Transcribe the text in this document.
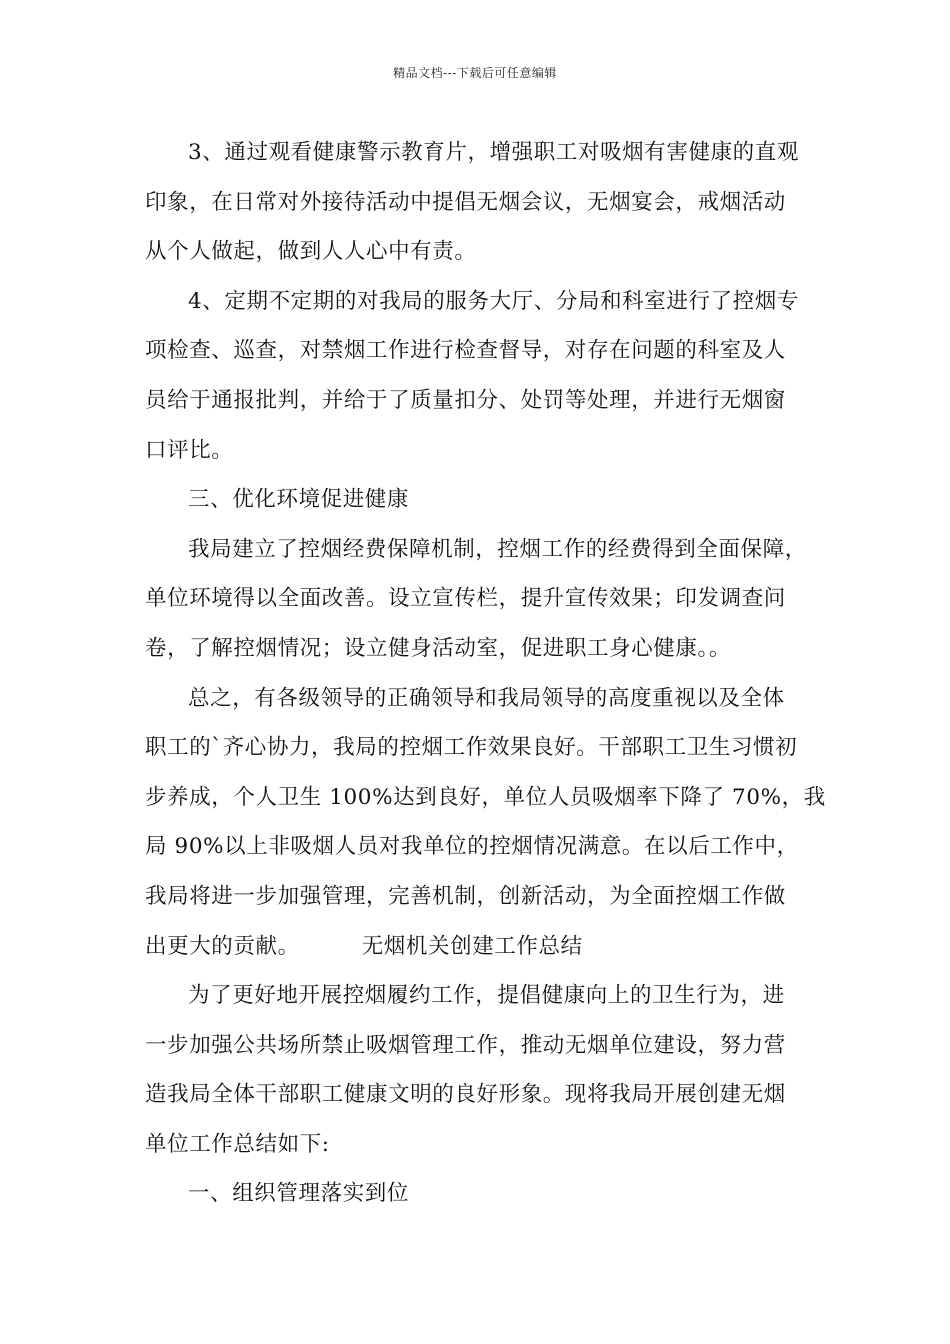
精品文档---下载后可任意编辑

3、通过观看健康警示教育片，增强职工对吸烟有害健康的直观
印象，在日常对外接待活动中提倡无烟会议，无烟宴会，戒烟活动
从个人做起，做到人人心中有责。

4、定期不定期的对我局的服务大厅、分局和科室进行了控烟专
项检查、巡查，对禁烟工作进行检查督导，对存在问题的科室及人
员给于通报批判，并给于了质量扣分、处罚等处理，并进行无烟窗
口评比。

三、优化环境促进健康

我局建立了控烟经费保障机制，控烟工作的经费得到全面保障，
单位环境得以全面改善。设立宣传栏，提升宣传效果；印发调查问
卷，了解控烟情况；设立健身活动室，促进职工身心健康。。

总之，有各级领导的正确领导和我局领导的高度重视以及全体
职工的`齐心协力，我局的控烟工作效果良好。干部职工卫生习惯初
步养成，个人卫生 100%达到良好，单位人员吸烟率下降了 70%，我
局 90%以上非吸烟人员对我单位的控烟情况满意。在以后工作中，
我局将进一步加强管理，完善机制，创新活动，为全面控烟工作做
出更大的贡献。	无烟机关创建工作总结

为了更好地开展控烟履约工作，提倡健康向上的卫生行为，进
一步加强公共场所禁止吸烟管理工作，推动无烟单位建设，努力营
造我局全体干部职工健康文明的良好形象。现将我局开展创建无烟
单位工作总结如下:

一、组织管理落实到位
